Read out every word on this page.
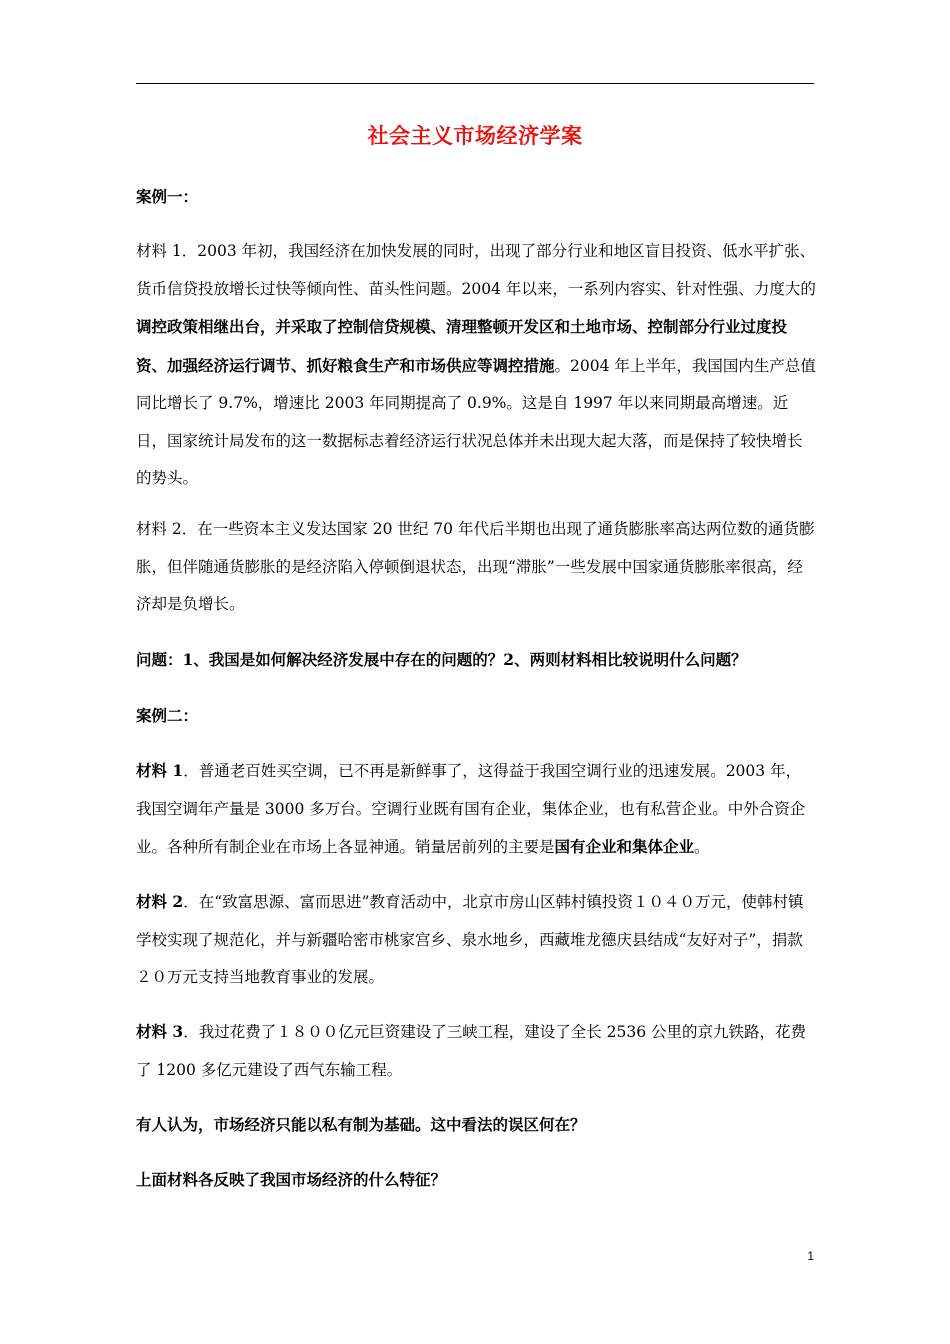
社会主义市场经济学案
案例一：
材料 1．2003 年初，我国经济在加快发展的同时，出现了部分行业和地区盲目投资、低水平扩张、货币信贷投放增长过快等倾向性、苗头性问题。2004 年以来，一系列内容实、针对性强、力度大的调控政策相继出台，并采取了控制信贷规模、清理整顿开发区和土地市场、控制部分行业过度投资、加强经济运行调节、抓好粮食生产和市场供应等调控措施。2004 年上半年，我国国内生产总值同比增长了 9.7%，增速比 2003 年同期提高了 0.9%。这是自 1997 年以来同期最高增速。近日，国家统计局发布的这一数据标志着经济运行状况总体并未出现大起大落，而是保持了较快增长的势头。
材料 2．在一些资本主义发达国家 20 世纪 70 年代后半期也出现了通货膨胀率高达两位数的通货膨胀，但伴随通货膨胀的是经济陷入停顿倒退状态，出现“滞胀”一些发展中国家通货膨胀率很高，经济却是负增长。
问题：1、我国是如何解决经济发展中存在的问题的？2、两则材料相比较说明什么问题？
案例二：
材料 1．普通老百姓买空调，已不再是新鲜事了，这得益于我国空调行业的迅速发展。2003 年，我国空调年产量是 3000 多万台。空调行业既有国有企业，集体企业，也有私营企业。中外合资企业。各种所有制企业在市场上各显神通。销量居前列的主要是国有企业和集体企业。
材料 2．在“致富思源、富而思进”教育活动中，北京市房山区韩村镇投资１０４０万元，使韩村镇学校实现了规范化，并与新疆哈密市桃家宫乡、泉水地乡，西藏堆龙德庆县结成“友好对子”，捐款２０万元支持当地教育事业的发展。
材料 3．我过花费了１８００亿元巨资建设了三峡工程，建设了全长 2536 公里的京九铁路，花费了 1200 多亿元建设了西气东输工程。
有人认为，市场经济只能以私有制为基础。这中看法的误区何在？
上面材料各反映了我国市场经济的什么特征？
1
